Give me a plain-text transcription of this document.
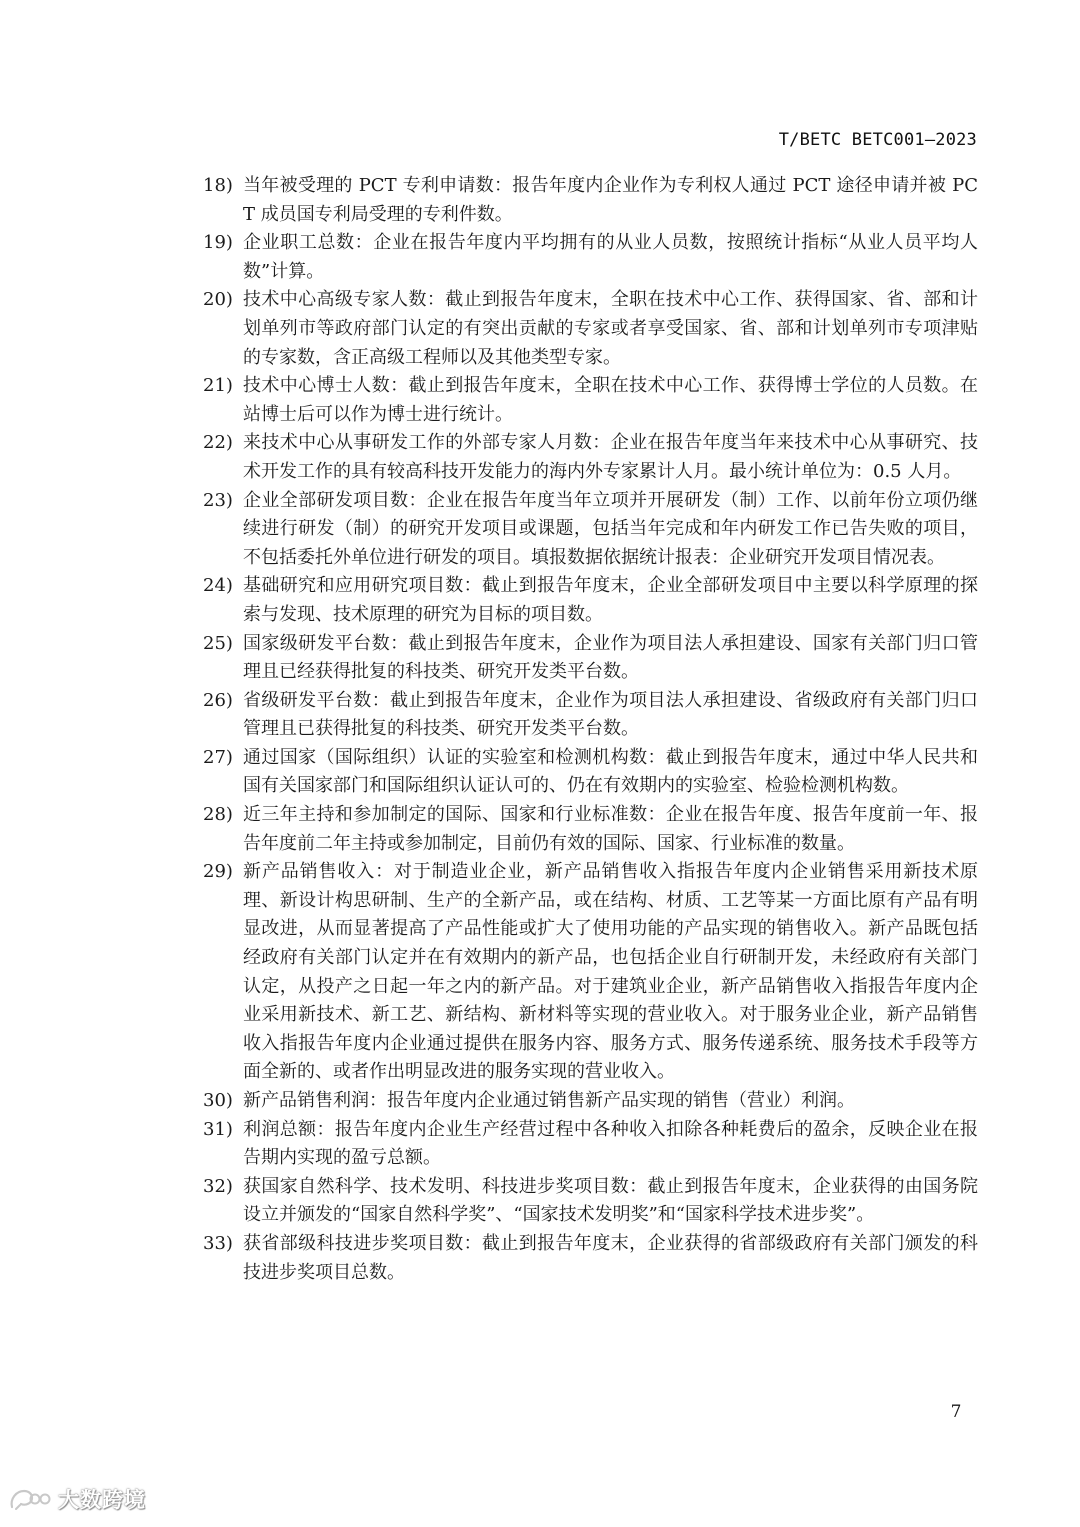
T/BETC BETC001—2023
18) 当年被受理的 PCT 专利申请数：报告年度内企业作为专利权人通过 PCT 途径申请并被 PCT 成员国专利局受理的专利件数。
19) 企业职工总数：企业在报告年度内平均拥有的从业人员数，按照统计指标“从业人员平均人数”计算。
20) 技术中心高级专家人数：截止到报告年度末，全职在技术中心工作、获得国家、省、部和计划单列市等政府部门认定的有突出贡献的专家或者享受国家、省、部和计划单列市专项津贴的专家数，含正高级工程师以及其他类型专家。
21) 技术中心博士人数：截止到报告年度末，全职在技术中心工作、获得博士学位的人员数。在站博士后可以作为博士进行统计。
22) 来技术中心从事研发工作的外部专家人月数：企业在报告年度当年来技术中心从事研究、技术开发工作的具有较高科技开发能力的海内外专家累计人月。最小统计单位为：0.5 人月。
23) 企业全部研发项目数：企业在报告年度当年立项并开展研发（制）工作、以前年份立项仍继续进行研发（制）的研究开发项目或课题，包括当年完成和年内研发工作已告失败的项目，不包括委托外单位进行研发的项目。填报数据依据统计报表：企业研究开发项目情况表。
24) 基础研究和应用研究项目数：截止到报告年度末，企业全部研发项目中主要以科学原理的探索与发现、技术原理的研究为目标的项目数。
25) 国家级研发平台数：截止到报告年度末，企业作为项目法人承担建设、国家有关部门归口管理且已经获得批复的科技类、研究开发类平台数。
26) 省级研发平台数：截止到报告年度末，企业作为项目法人承担建设、省级政府有关部门归口管理且已获得批复的科技类、研究开发类平台数。
27) 通过国家（国际组织）认证的实验室和检测机构数：截止到报告年度末，通过中华人民共和国有关国家部门和国际组织认证认可的、仍在有效期内的实验室、检验检测机构数。
28) 近三年主持和参加制定的国际、国家和行业标准数：企业在报告年度、报告年度前一年、报告年度前二年主持或参加制定，目前仍有效的国际、国家、行业标准的数量。
29) 新产品销售收入：对于制造业企业，新产品销售收入指报告年度内企业销售采用新技术原理、新设计构思研制、生产的全新产品，或在结构、材质、工艺等某一方面比原有产品有明显改进，从而显著提高了产品性能或扩大了使用功能的产品实现的销售收入。新产品既包括经政府有关部门认定并在有效期内的新产品，也包括企业自行研制开发，未经政府有关部门认定，从投产之日起一年之内的新产品。对于建筑业企业，新产品销售收入指报告年度内企业采用新技术、新工艺、新结构、新材料等实现的营业收入。对于服务业企业，新产品销售收入指报告年度内企业通过提供在服务内容、服务方式、服务传递系统、服务技术手段等方面全新的、或者作出明显改进的服务实现的营业收入。
30) 新产品销售利润：报告年度内企业通过销售新产品实现的销售（营业）利润。
31) 利润总额：报告年度内企业生产经营过程中各种收入扣除各种耗费后的盈余，反映企业在报告期内实现的盈亏总额。
32) 获国家自然科学、技术发明、科技进步奖项目数：截止到报告年度末，企业获得的由国务院设立并颁发的“国家自然科学奖”、“国家技术发明奖”和“国家科学技术进步奖”。
33) 获省部级科技进步奖项目数：截止到报告年度末，企业获得的省部级政府有关部门颁发的科技进步奖项目总数。
7
大数跨境
